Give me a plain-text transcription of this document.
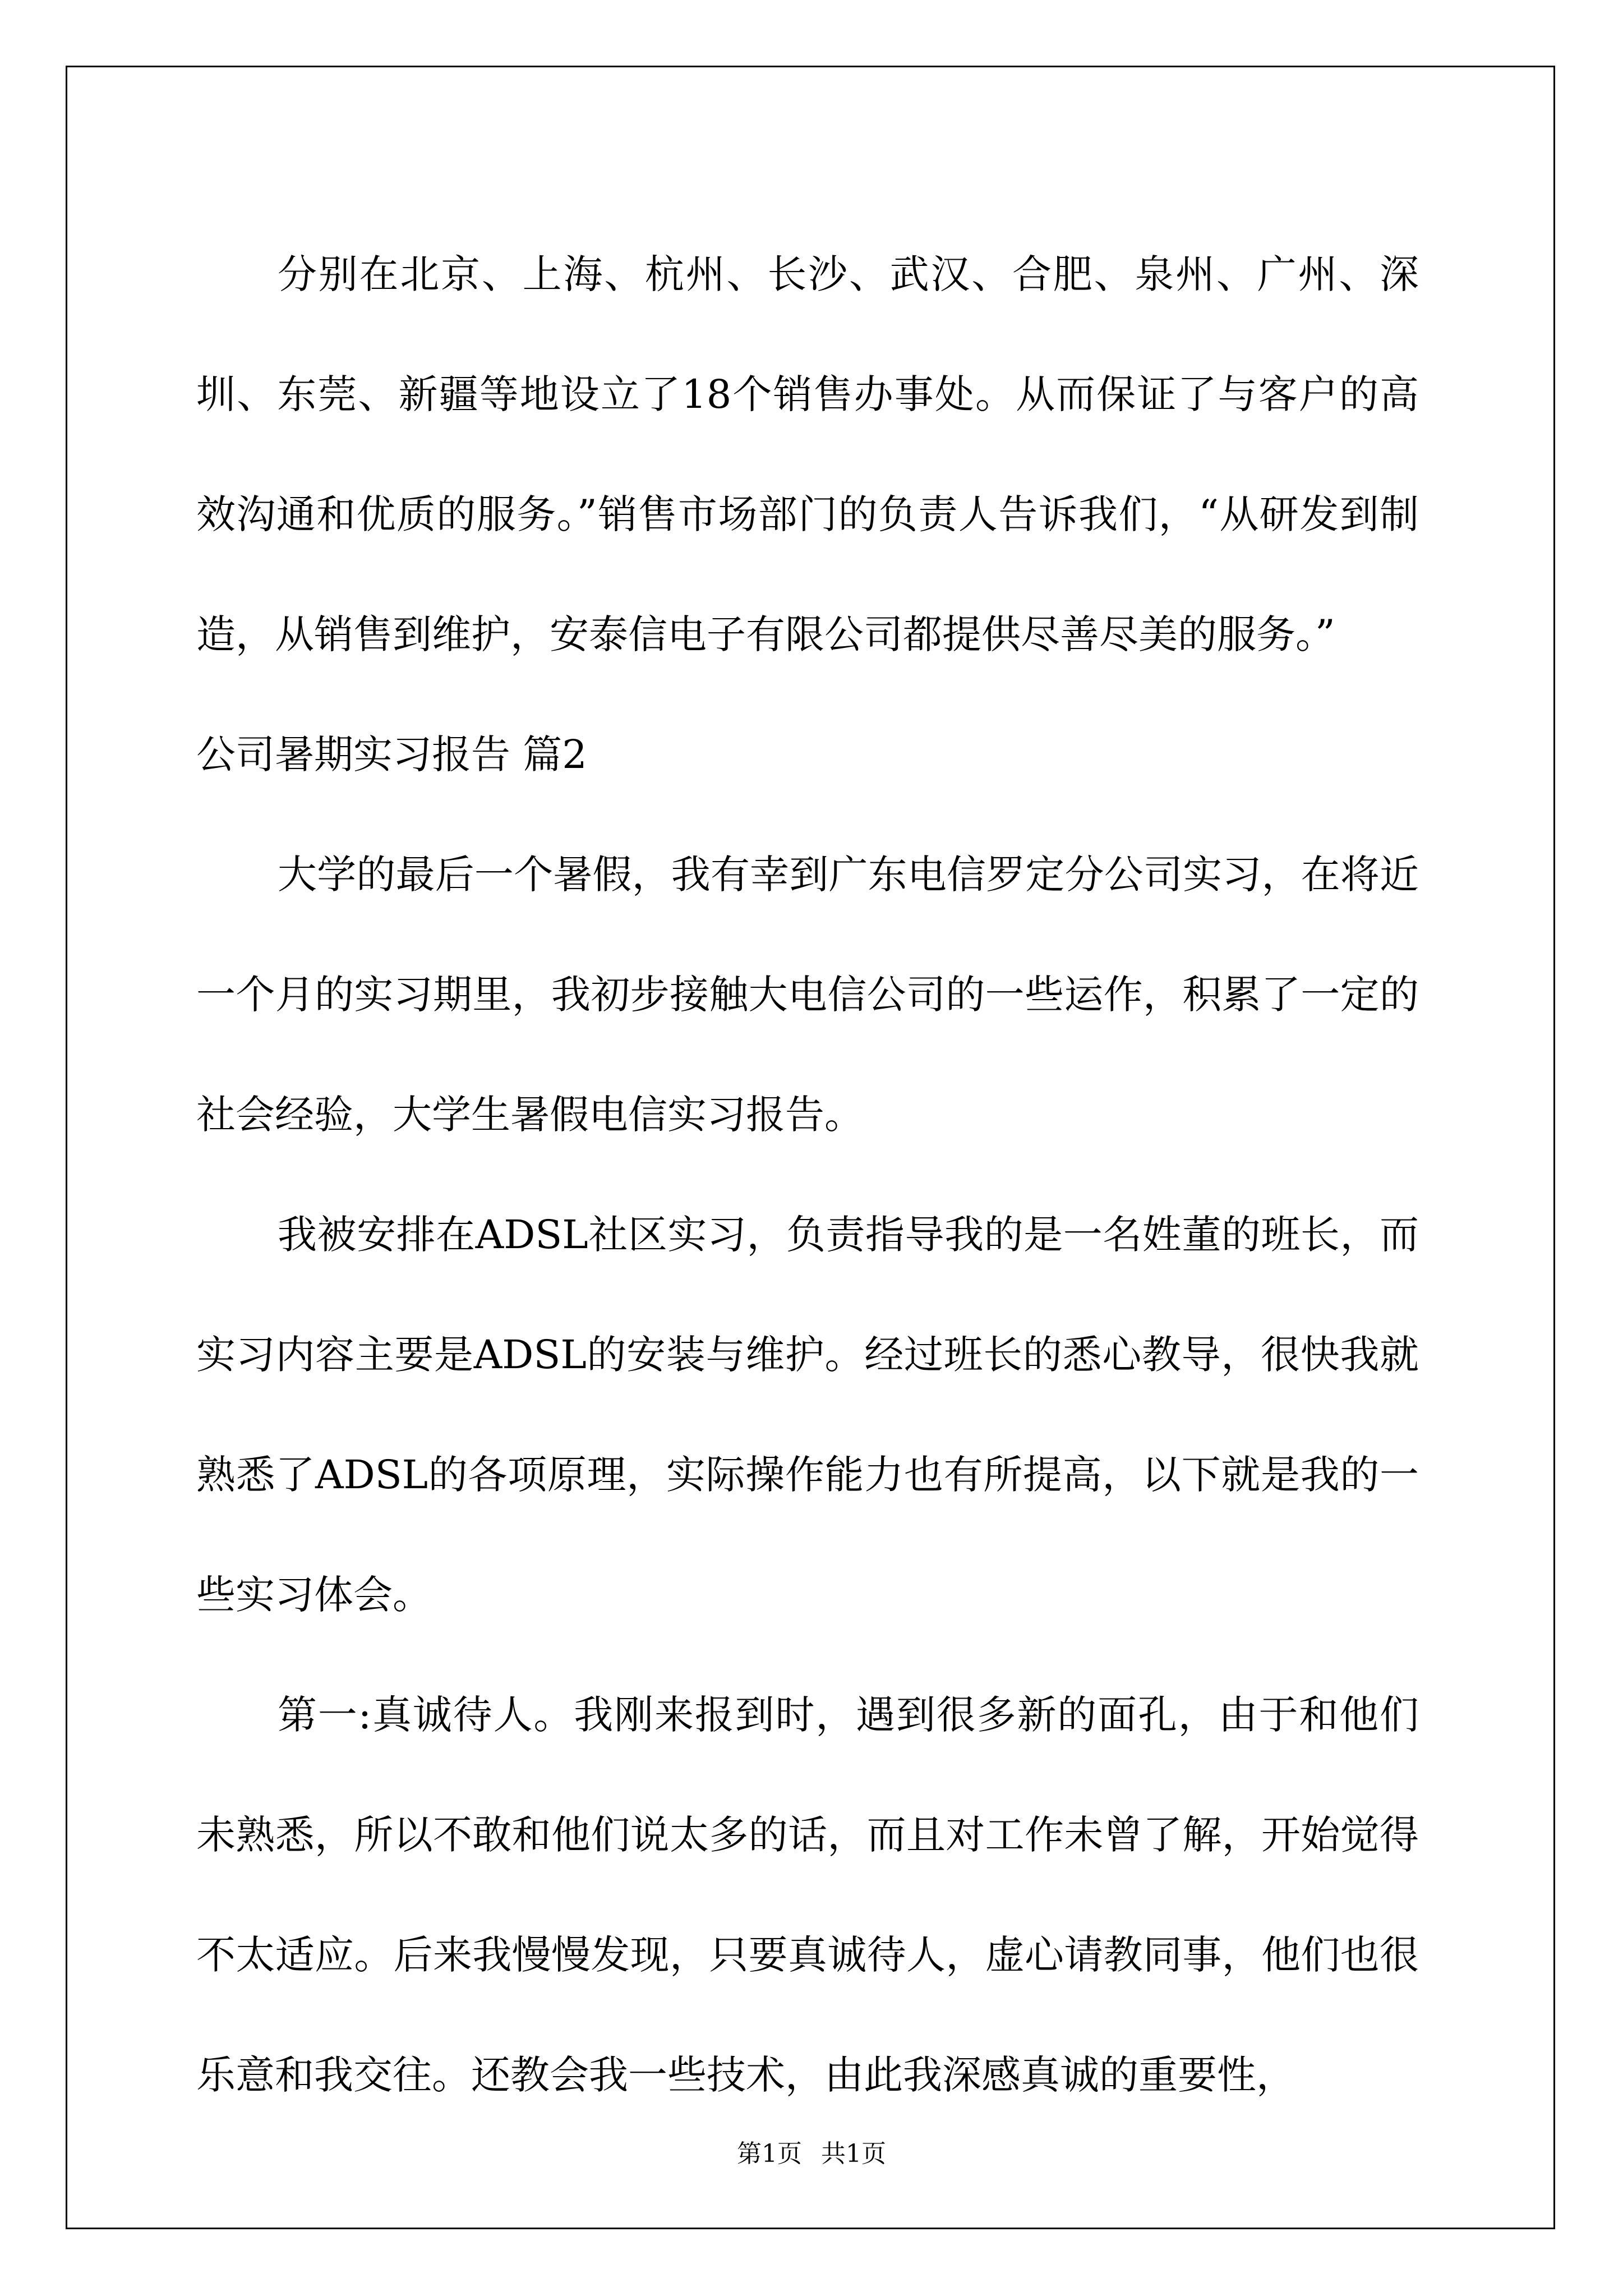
分别在北京、上海、杭州、长沙、武汉、合肥、泉州、广州、深圳、东莞、新疆等地设立了18个销售办事处。从而保证了与客户的高效沟通和优质的服务。”销售市场部门的负责人告诉我们，“从研发到制造，从销售到维护，安泰信电子有限公司都提供尽善尽美的服务。”

公司暑期实习报告 篇2

大学的最后一个暑假，我有幸到广东电信罗定分公司实习，在将近一个月的实习期里，我初步接触大电信公司的一些运作，积累了一定的社会经验，大学生暑假电信实习报告。

我被安排在ADSL社区实习，负责指导我的是一名姓董的班长，而实习内容主要是ADSL的安装与维护。经过班长的悉心教导，很快我就熟悉了ADSL的各项原理，实际操作能力也有所提高，以下就是我的一些实习体会。

第一:真诚待人。我刚来报到时，遇到很多新的面孔，由于和他们未熟悉，所以不敢和他们说太多的话，而且对工作未曾了解，开始觉得不太适应。后来我慢慢发现，只要真诚待人，虚心请教同事，他们也很乐意和我交往。还教会我一些技术，由此我深感真诚的重要性，

第1页 共1页
